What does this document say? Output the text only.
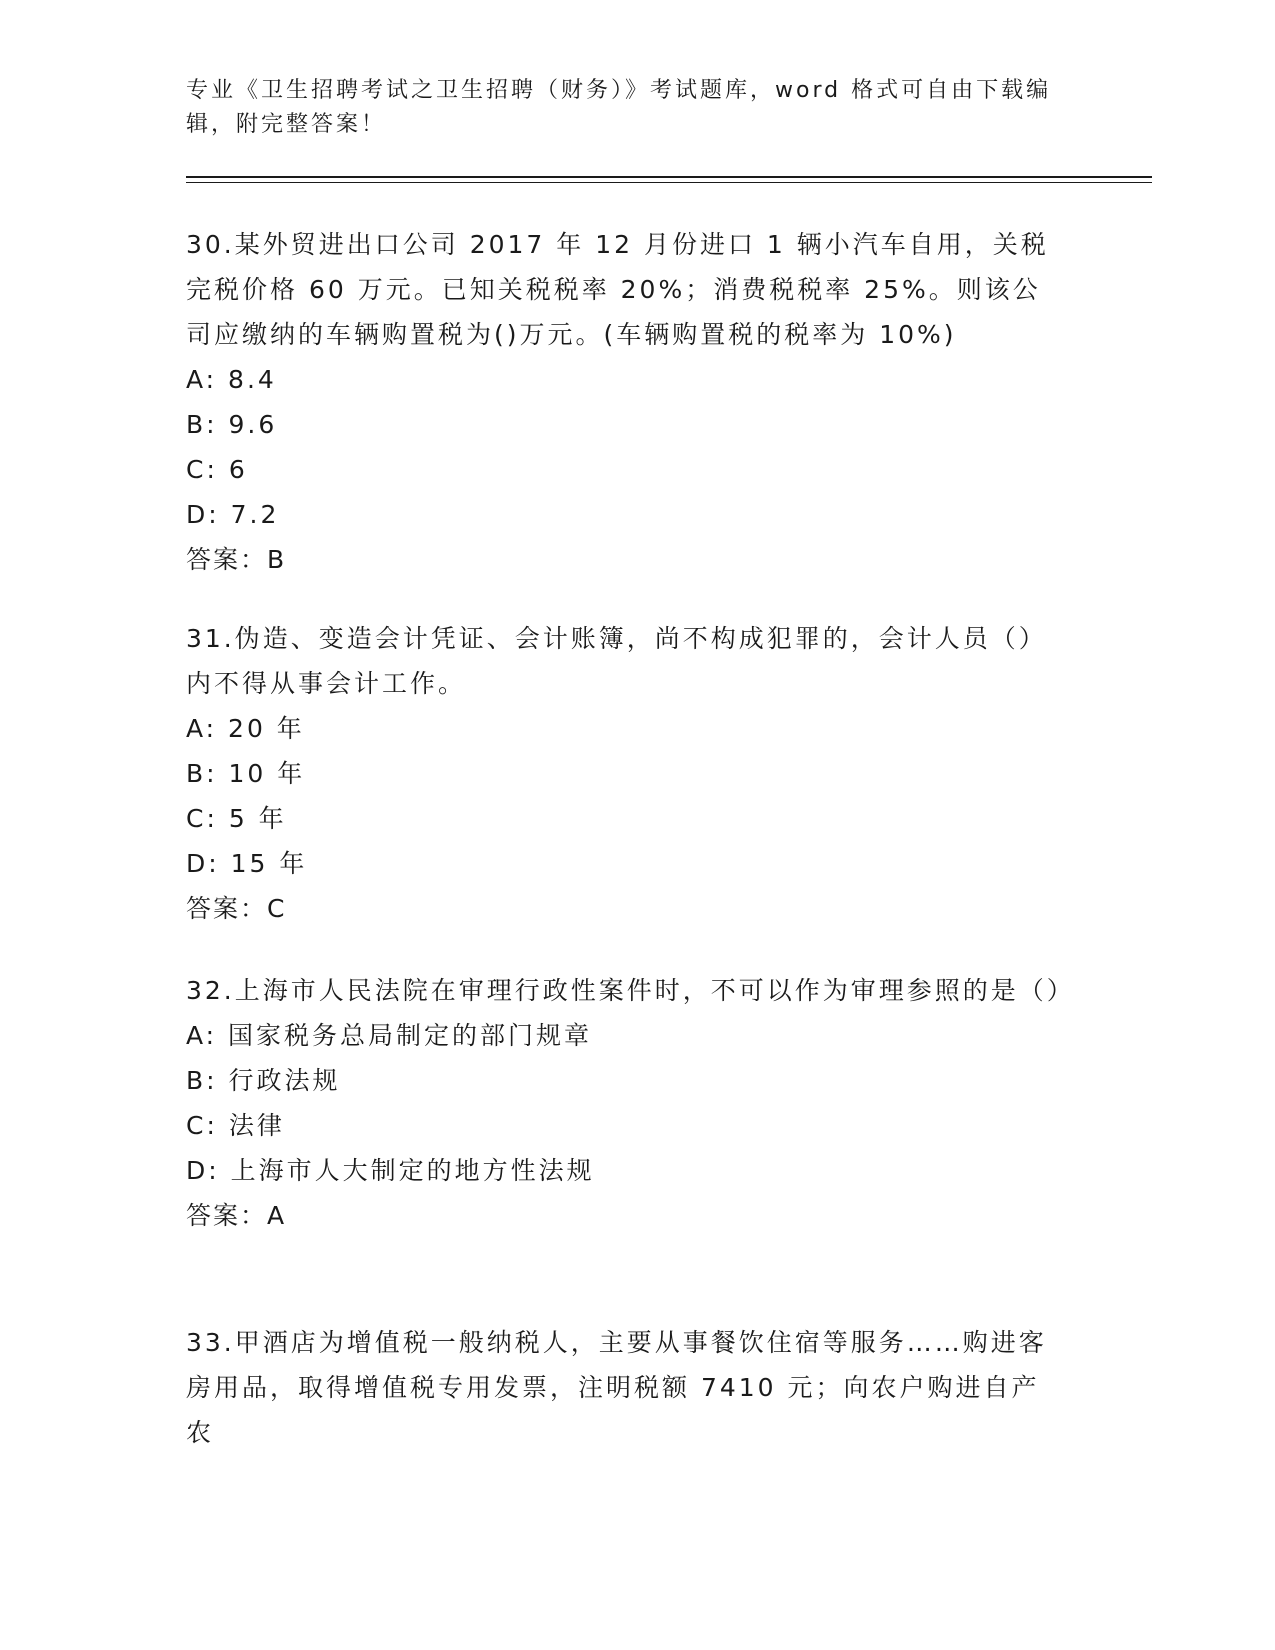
专业《卫生招聘考试之卫生招聘（财务）》考试题库，word 格式可自由下载编辑，附完整答案！

30.某外贸进出口公司 2017 年 12 月份进口 1 辆小汽车自用，关税完税价格 60 万元。已知关税税率 20%；消费税税率 25%。则该公司应缴纳的车辆购置税为()万元。(车辆购置税的税率为 10%)

A: 8.4

B: 9.6

C: 6

D: 7.2

答案：B

31.伪造、变造会计凭证、会计账簿，尚不构成犯罪的，会计人员（）内不得从事会计工作。

A: 20 年

B: 10 年

C: 5 年

D: 15 年

答案：C

32.上海市人民法院在审理行政性案件时，不可以作为审理参照的是（）

A: 国家税务总局制定的部门规章

B: 行政法规

C: 法律

D: 上海市人大制定的地方性法规

答案：A

33.甲酒店为增值税一般纳税人，主要从事餐饮住宿等服务……购进客房用品，取得增值税专用发票，注明税额 7410 元；向农户购进自产农
